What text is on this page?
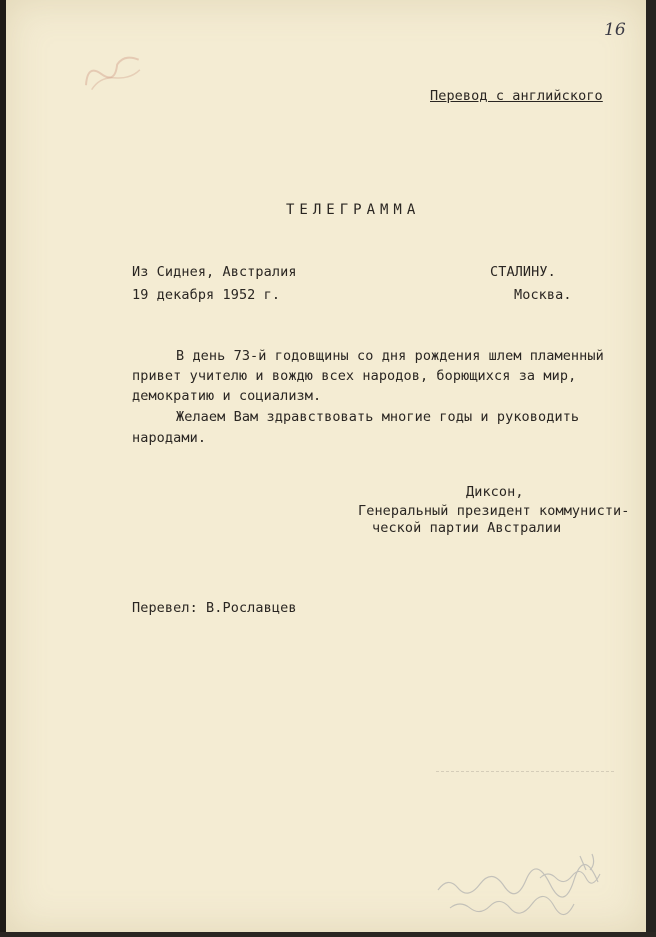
16
Перевод с английского
ТЕЛЕГРАММА
Из Сиднея, Австралия
19 декабря 1952 г.
СТАЛИНУ.
Москва.
В день 73-й годовщины со дня рождения шлем пламенный
привет учителю и вождю всех народов, борющихся за мир,
демократию и социализм.
Желаем Вам здравствовать многие годы и руководить
народами.
Диксон,
Генеральный президент коммунисти-
ческой партии Австралии
Перевел: В.Рославцев
